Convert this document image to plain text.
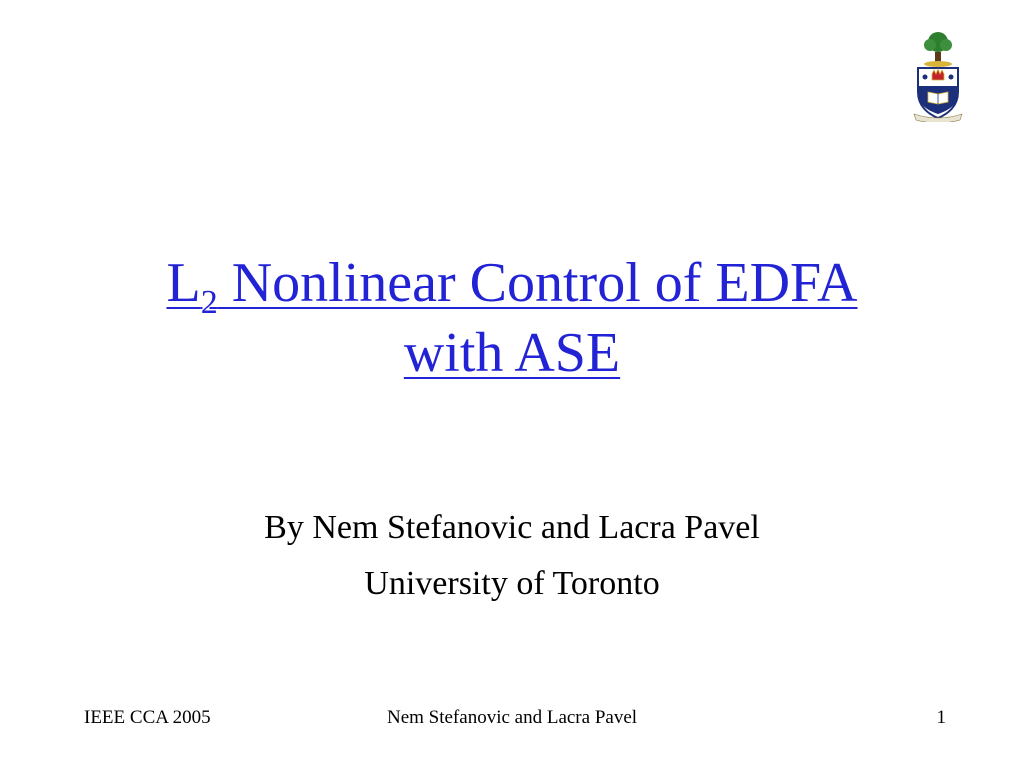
$L_2$ Nonlinear Control of EDFA
with ASE
By Nem Stefanovic and Lacra Pavel
University of Toronto
IEEE CCA 2005	Nem Stefanovic and Lacra Pavel	1
